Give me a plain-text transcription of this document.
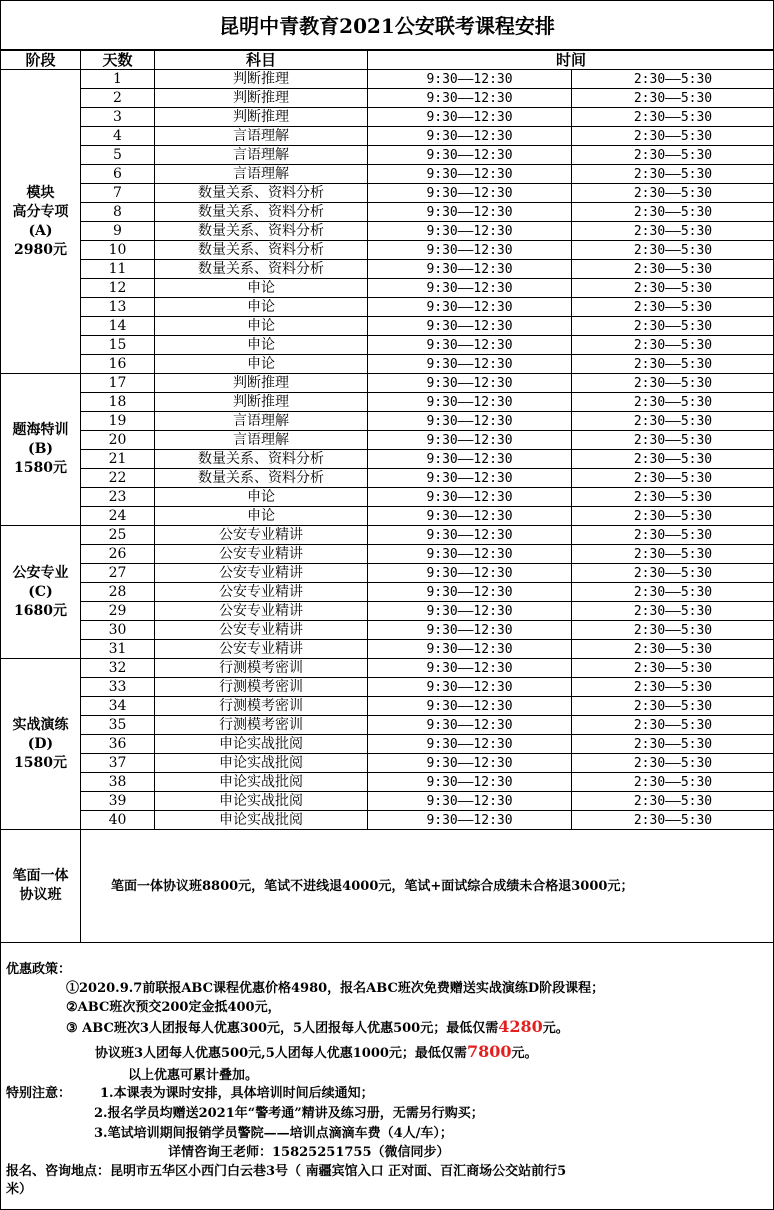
昆明中青教育2021公安联考课程安排
阶段	天数	科目	时间	

模块
高分专项
(A)
2980元	1	判断推理	9:30——12:30	2:30——5:30
	2	判断推理	9:30——12:30	2:30——5:30
	3	判断推理	9:30——12:30	2:30——5:30
	4	言语理解	9:30——12:30	2:30——5:30
	5	言语理解	9:30——12:30	2:30——5:30
	6	言语理解	9:30——12:30	2:30——5:30
	7	数量关系、资料分析	9:30——12:30	2:30——5:30
	8	数量关系、资料分析	9:30——12:30	2:30——5:30
	9	数量关系、资料分析	9:30——12:30	2:30——5:30
	10	数量关系、资料分析	9:30——12:30	2:30——5:30
	11	数量关系、资料分析	9:30——12:30	2:30——5:30
	12	申论	9:30——12:30	2:30——5:30
	13	申论	9:30——12:30	2:30——5:30
	14	申论	9:30——12:30	2:30——5:30
	15	申论	9:30——12:30	2:30——5:30
	16	申论	9:30——12:30	2:30——5:30

题海特训
(B)
1580元	17	判断推理	9:30——12:30	2:30——5:30
	18	判断推理	9:30——12:30	2:30——5:30
	19	言语理解	9:30——12:30	2:30——5:30
	20	言语理解	9:30——12:30	2:30——5:30
	21	数量关系、资料分析	9:30——12:30	2:30——5:30
	22	数量关系、资料分析	9:30——12:30	2:30——5:30
	23	申论	9:30——12:30	2:30——5:30
	24	申论	9:30——12:30	2:30——5:30

公安专业
(C)
1680元	25	公安专业精讲	9:30——12:30	2:30——5:30
	26	公安专业精讲	9:30——12:30	2:30——5:30
	27	公安专业精讲	9:30——12:30	2:30——5:30
	28	公安专业精讲	9:30——12:30	2:30——5:30
	29	公安专业精讲	9:30——12:30	2:30——5:30
	30	公安专业精讲	9:30——12:30	2:30——5:30
	31	公安专业精讲	9:30——12:30	2:30——5:30

实战演练
(D)
1580元	32	行测模考密训	9:30——12:30	2:30——5:30
	33	行测模考密训	9:30——12:30	2:30——5:30
	34	行测模考密训	9:30——12:30	2:30——5:30
	35	行测模考密训	9:30——12:30	2:30——5:30
	36	申论实战批阅	9:30——12:30	2:30——5:30
	37	申论实战批阅	9:30——12:30	2:30——5:30
	38	申论实战批阅	9:30——12:30	2:30——5:30
	39	申论实战批阅	9:30——12:30	2:30——5:30
	40	申论实战批阅	9:30——12:30	2:30——5:30

笔面一体
协议班	笔面一体协议班8800元，笔试不进线退4000元，笔试+面试综合成绩未合格退3000元；			
优惠政策：
①2020.9.7前联报ABC课程优惠价格4980，报名ABC班次免费赠送实战演练D阶段课程；
②ABC班次预交200定金抵400元，
③ ABC班次3人团报每人优惠300元，5人团报每人优惠500元；最低仅需4280元。
协议班3人团每人优惠500元,5人团每人优惠1000元；最低仅需7800元。
以上优惠可累计叠加。
特别注意： 1.本课表为课时安排，具体培训时间后续通知；
2.报名学员均赠送2021年“警考通”精讲及练习册，无需另行购买；
3.笔试培训期间报销学员警院——培训点滴滴车费（4人/车）；
详情咨询王老师：15825251755（微信同步）
报名、咨询地点：昆明市五华区小西门白云巷3号（ 南疆宾馆入口 正对面、百汇商场公交站前行5
米）
